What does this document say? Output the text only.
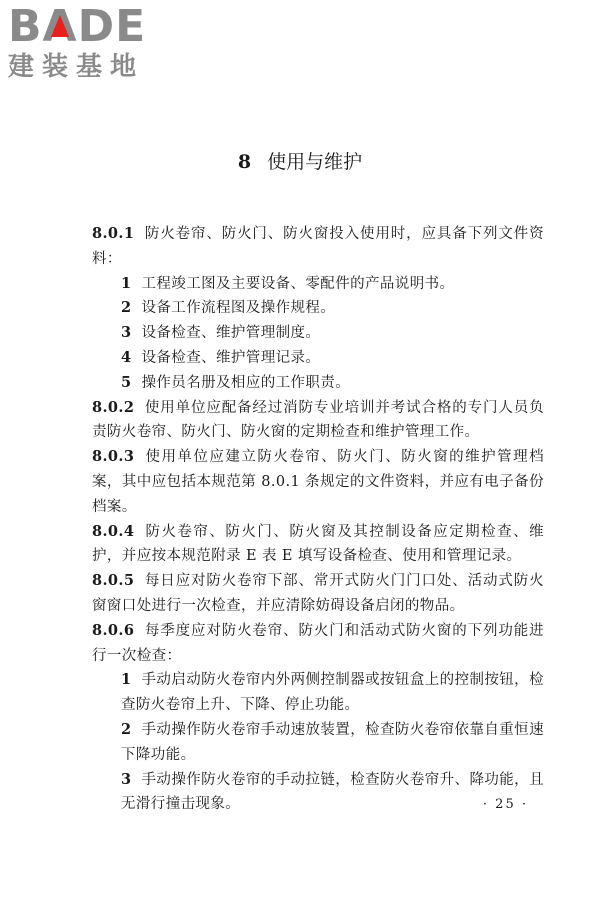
BA
DE
建装基地
8 使用与维护
8.0.1 防火卷帘、防火门、防火窗投入使用时，应具备下列文件资料：
1 工程竣工图及主要设备、零配件的产品说明书。
2 设备工作流程图及操作规程。
3 设备检查、维护管理制度。
4 设备检查、维护管理记录。
5 操作员名册及相应的工作职责。
8.0.2 使用单位应配备经过消防专业培训并考试合格的专门人员负责防火卷帘、防火门、防火窗的定期检查和维护管理工作。
8.0.3 使用单位应建立防火卷帘、防火门、防火窗的维护管理档案，其中应包括本规范第 8.0.1 条规定的文件资料，并应有电子备份档案。
8.0.4 防火卷帘、防火门、防火窗及其控制设备应定期检查、维护，并应按本规范附录 E 表 E 填写设备检查、使用和管理记录。
8.0.5 每日应对防火卷帘下部、常开式防火门门口处、活动式防火窗窗口处进行一次检查，并应清除妨碍设备启闭的物品。
8.0.6 每季度应对防火卷帘、防火门和活动式防火窗的下列功能进行一次检查：
1 手动启动防火卷帘内外两侧控制器或按钮盒上的控制按钮，检查防火卷帘上升、下降、停止功能。
2 手动操作防火卷帘手动速放装置，检查防火卷帘依靠自重恒速下降功能。
3 手动操作防火卷帘的手动拉链，检查防火卷帘升、降功能，且无滑行撞击现象。	· 25 ·
